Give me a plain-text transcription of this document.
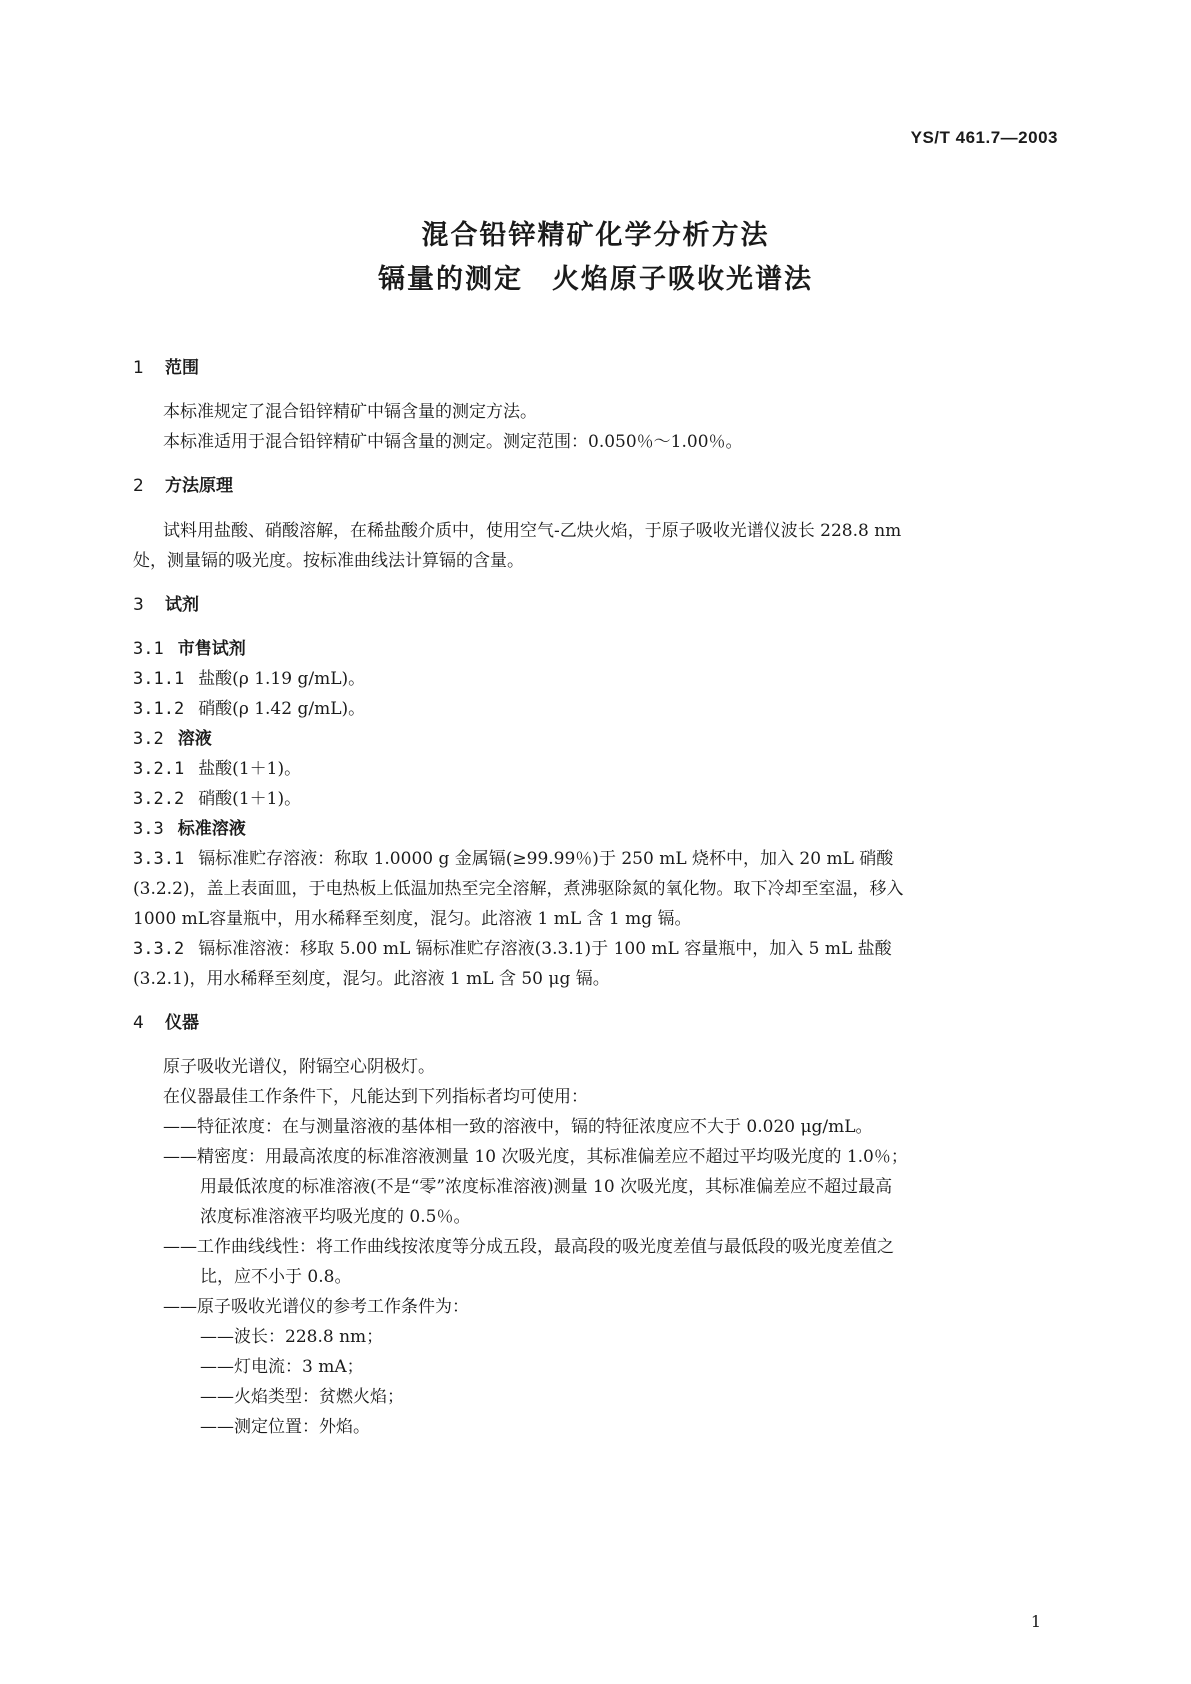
YS/T 461.7—2003
混合铅锌精矿化学分析方法
镉量的测定　火焰原子吸收光谱法
1 范围
本标准规定了混合铅锌精矿中镉含量的测定方法。
本标准适用于混合铅锌精矿中镉含量的测定。测定范围：0.050％～1.00％。
2 方法原理
试料用盐酸、硝酸溶解，在稀盐酸介质中，使用空气-乙炔火焰，于原子吸收光谱仪波长 228.8 nm
处，测量镉的吸光度。按标准曲线法计算镉的含量。
3 试剂
3.1 市售试剂
3.1.1 盐酸(ρ 1.19 g/mL)。
3.1.2 硝酸(ρ 1.42 g/mL)。
3.2 溶液
3.2.1 盐酸(1＋1)。
3.2.2 硝酸(1＋1)。
3.3 标准溶液
3.3.1 镉标准贮存溶液：称取 1.0000 g 金属镉(≥99.99％)于 250 mL 烧杯中，加入 20 mL 硝酸
(3.2.2)，盖上表面皿，于电热板上低温加热至完全溶解，煮沸驱除氮的氧化物。取下冷却至室温，移入
1000 mL容量瓶中，用水稀释至刻度，混匀。此溶液 1 mL 含 1 mg 镉。
3.3.2 镉标准溶液：移取 5.00 mL 镉标准贮存溶液(3.3.1)于 100 mL 容量瓶中，加入 5 mL 盐酸
(3.2.1)，用水稀释至刻度，混匀。此溶液 1 mL 含 50 μg 镉。
4 仪器
原子吸收光谱仪，附镉空心阴极灯。
在仪器最佳工作条件下，凡能达到下列指标者均可使用：
——特征浓度：在与测量溶液的基体相一致的溶液中，镉的特征浓度应不大于 0.020 μg/mL。
——精密度：用最高浓度的标准溶液测量 10 次吸光度，其标准偏差应不超过平均吸光度的 1.0％；
用最低浓度的标准溶液(不是“零”浓度标准溶液)测量 10 次吸光度，其标准偏差应不超过最高
浓度标准溶液平均吸光度的 0.5％。
——工作曲线线性：将工作曲线按浓度等分成五段，最高段的吸光度差值与最低段的吸光度差值之
比，应不小于 0.8。
——原子吸收光谱仪的参考工作条件为：
——波长：228.8 nm；
——灯电流：3 mA；
——火焰类型：贫燃火焰；
——测定位置：外焰。
1
